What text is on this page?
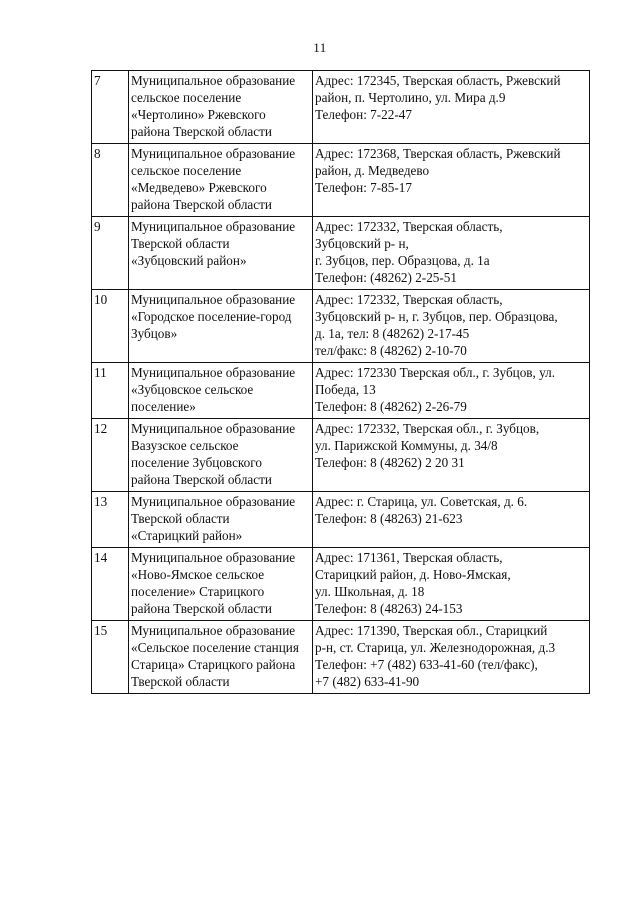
11
7	Муниципальное образование
сельское поселение
«Чертолино» Ржевского
района Тверской области	Адрес: 172345, Тверская область, Ржевский
район, п. Чертолино, ул. Мира д.9
Телефон: 7-22-47

8	Муниципальное образование
сельское поселение
«Медведево» Ржевского
района Тверской области	Адрес: 172368, Тверская область, Ржевский
район, д. Медведево
Телефон: 7-85-17

9	Муниципальное образование
Тверской области
«Зубцовский район»	Адрес: 172332, Тверская область,
Зубцовский р- н,
г. Зубцов, пер. Образцова, д. 1а
Телефон: (48262) 2-25-51

10	Муниципальное образование
«Городское поселение-город
Зубцов»	Адрес: 172332, Тверская область,
Зубцовский р- н, г. Зубцов, пер. Образцова,
д. 1а, тел: 8 (48262) 2-17-45
тел/факс: 8 (48262) 2-10-70

11	Муниципальное образование
«Зубцовское сельское
поселение»	Адрес: 172330 Тверская обл., г. Зубцов, ул.
Победа, 13
Телефон: 8 (48262) 2-26-79

12	Муниципальное образование
Вазузское сельское
поселение Зубцовского
района Тверской области	Адрес: 172332, Тверская обл., г. Зубцов,
ул. Парижской Коммуны, д. 34/8
Телефон: 8 (48262) 2 20 31

13	Муниципальное образование
Тверской области
«Старицкий район»	Адрес: г. Старица, ул. Советская, д. 6.
Телефон: 8 (48263) 21-623

14	Муниципальное образование
«Ново-Ямское сельское
поселение» Старицкого
района Тверской области	Адрес: 171361, Тверская область,
Старицкий район, д. Ново-Ямская,
ул. Школьная, д. 18
Телефон: 8 (48263) 24-153

15	Муниципальное образование
«Сельское поселение станция
Старица» Старицкого района
Тверской области	Адрес: 171390, Тверская обл., Старицкий
р-н, ст. Старица, ул. Железнодорожная, д.3
Телефон: +7 (482) 633-41-60 (тел/факс),
+7 (482) 633-41-90
